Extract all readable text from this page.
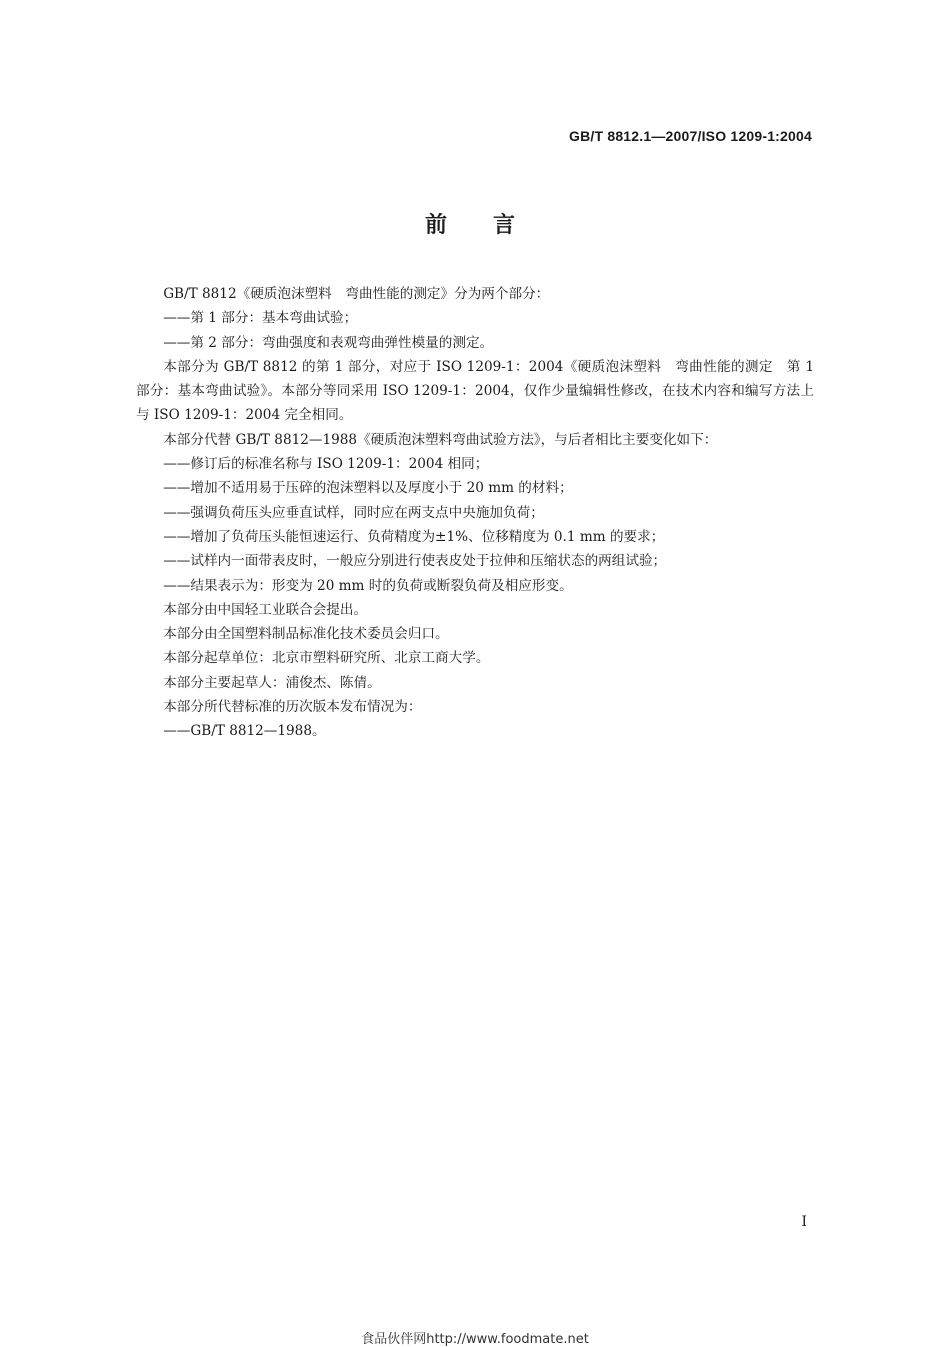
GB/T 8812.1—2007/ISO 1209-1:2004
前言

GB/T 8812《硬质泡沫塑料　弯曲性能的测定》分为两个部分：

——第 1 部分：基本弯曲试验；

——第 2 部分：弯曲强度和表观弯曲弹性模量的测定。

本部分为 GB/T 8812 的第 1 部分，对应于 ISO 1209-1：2004《硬质泡沫塑料　弯曲性能的测定　第 1 部分：基本弯曲试验》。本部分等同采用 ISO 1209-1：2004，仅作少量编辑性修改，在技术内容和编写方法上与 ISO 1209-1：2004 完全相同。

本部分代替 GB/T 8812—1988《硬质泡沫塑料弯曲试验方法》，与后者相比主要变化如下：

——修订后的标准名称与 ISO 1209-1：2004 相同；

——增加不适用易于压碎的泡沫塑料以及厚度小于 20 mm 的材料；

——强调负荷压头应垂直试样，同时应在两支点中央施加负荷；

——增加了负荷压头能恒速运行、负荷精度为±1%、位移精度为 0.1 mm 的要求；

——试样内一面带表皮时，一般应分别进行使表皮处于拉伸和压缩状态的两组试验；

——结果表示为：形变为 20 mm 时的负荷或断裂负荷及相应形变。

本部分由中国轻工业联合会提出。

本部分由全国塑料制品标准化技术委员会归口。

本部分起草单位：北京市塑料研究所、北京工商大学。

本部分主要起草人：浦俊杰、陈倩。

本部分所代替标准的历次版本发布情况为：

——GB/T 8812—1988。

I
食品伙伴网http://www.foodmate.net
